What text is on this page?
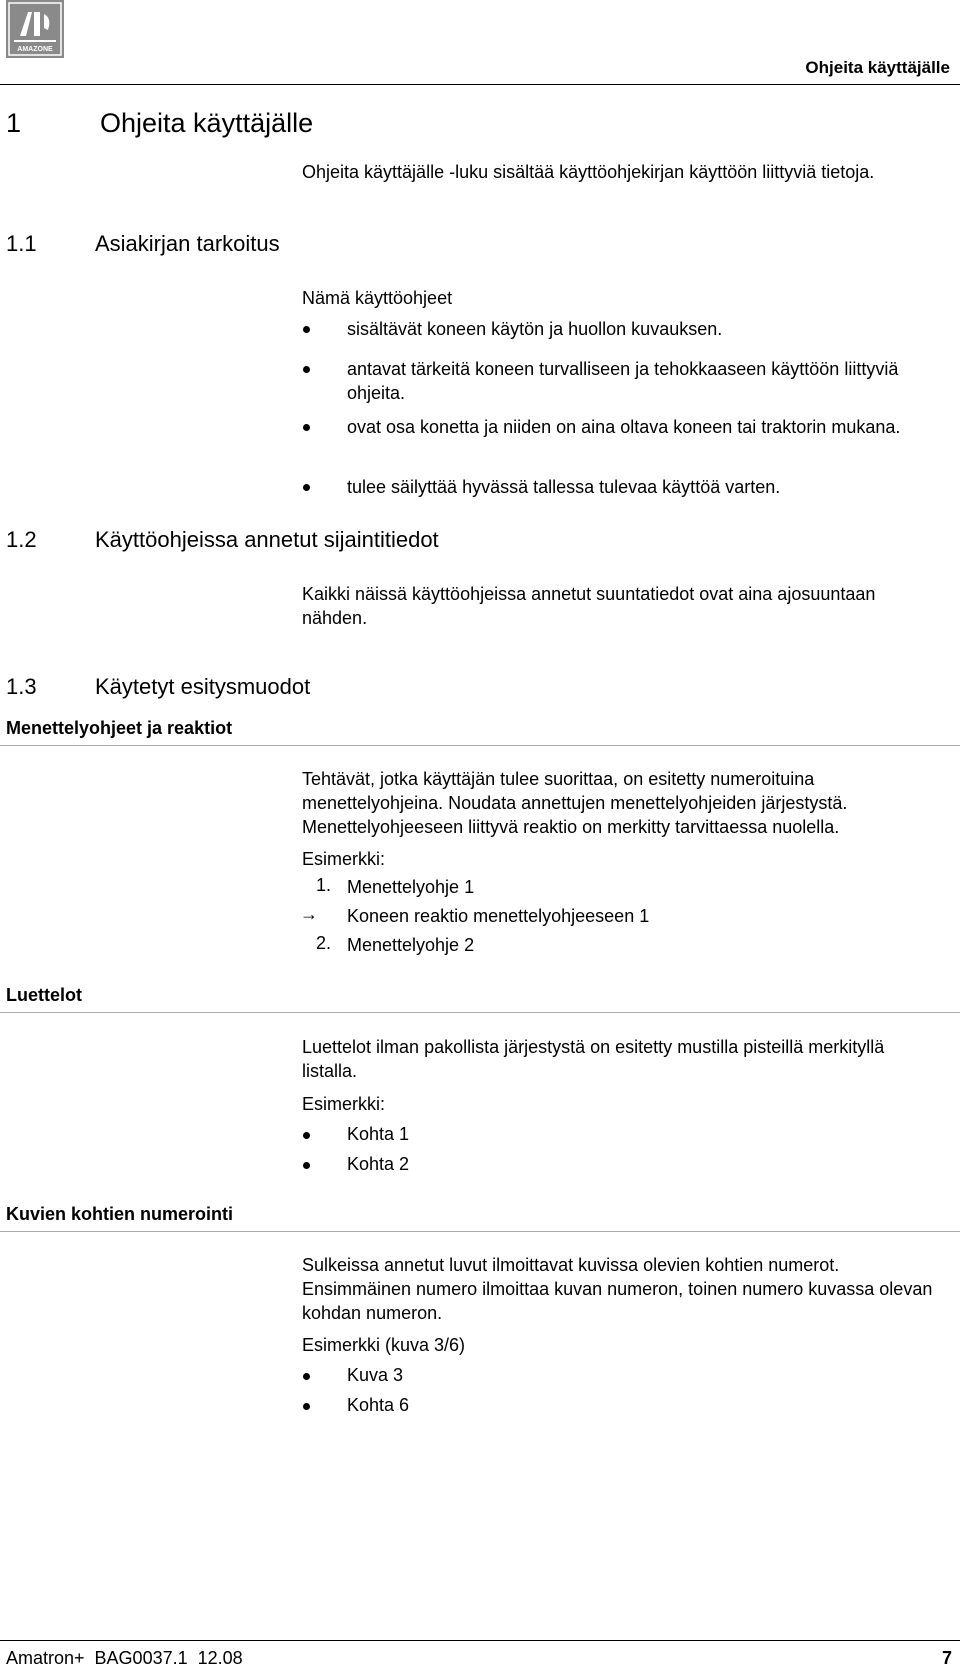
AMAZONE
Ohjeita käyttäjälle
1	Ohjeita käyttäjälle
Ohjeita käyttäjälle -luku sisältää käyttöohjekirjan käyttöön liittyviä tietoja.
1.1	Asiakirjan tarkoitus
Nämä käyttöohjeet
sisältävät koneen käytön ja huollon kuvauksen.
antavat tärkeitä koneen turvalliseen ja tehokkaaseen käyttöön liittyviä ohjeita.
ovat osa konetta ja niiden on aina oltava koneen tai traktorin mukana.
tulee säilyttää hyvässä tallessa tulevaa käyttöä varten.
1.2	Käyttöohjeissa annetut sijaintitiedot
Kaikki näissä käyttöohjeissa annetut suuntatiedot ovat aina ajosuuntaan nähden.
1.3	Käytetyt esitysmuodot
Menettelyohjeet ja reaktiot
Tehtävät, jotka käyttäjän tulee suorittaa, on esitetty numeroituina menettelyohjeina. Noudata annettujen menettelyohjeiden järjestystä. Menettelyohjeeseen liittyvä reaktio on merkitty tarvittaessa nuolella.
Esimerkki:
1. Menettelyohje 1
→ Koneen reaktio menettelyohjeeseen 1
2. Menettelyohje 2
Luettelot
Luettelot ilman pakollista järjestystä on esitetty mustilla pisteillä merkityllä listalla.
Esimerkki:
Kohta 1
Kohta 2
Kuvien kohtien numerointi
Sulkeissa annetut luvut ilmoittavat kuvissa olevien kohtien numerot. Ensimmäinen numero ilmoittaa kuvan numeron, toinen numero kuvassa olevan kohdan numeron.
Esimerkki (kuva 3/6)
Kuva 3
Kohta 6
Amatron+  BAG0037.1  12.08	7
